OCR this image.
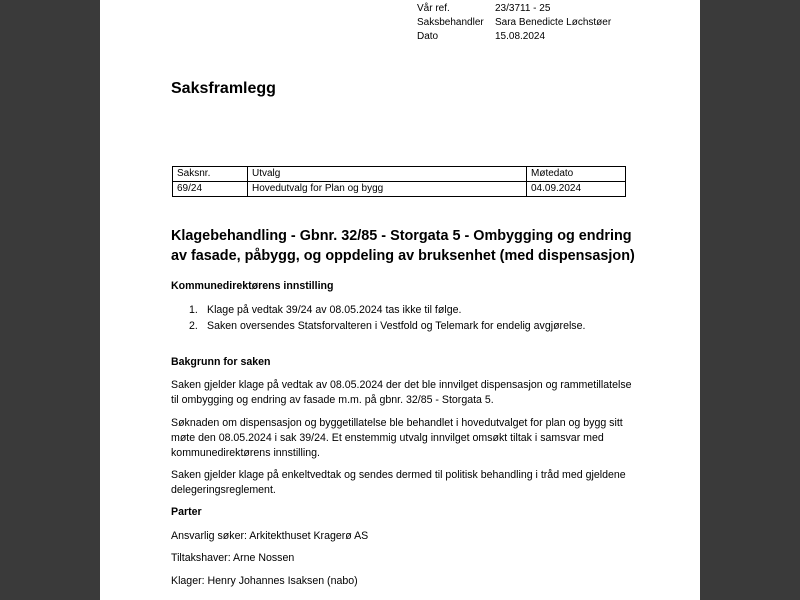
Vår ref.	23/3711 - 25
Saksbehandler	Sara Benedicte Løchstøer
Dato	15.08.2024
Saksframlegg
Saksnr.	Utvalg	Møtedato
69/24	Hovedutvalg for Plan og bygg	04.09.2024
Klagebehandling - Gbnr. 32/85 - Storgata 5 - Ombygging og endring av fasade, påbygg, og oppdeling av bruksenhet (med dispensasjon)
Kommunedirektørens innstilling
1. Klage på vedtak 39/24 av 08.05.2024 tas ikke til følge.
2. Saken oversendes Statsforvalteren i Vestfold og Telemark for endelig avgjørelse.
Bakgrunn for saken

Saken gjelder klage på vedtak av 08.05.2024 der det ble innvilget dispensasjon og rammetillatelse til ombygging og endring av fasade m.m. på gbnr. 32/85 - Storgata 5.

Søknaden om dispensasjon og byggetillatelse ble behandlet i hovedutvalget for plan og bygg sitt møte den 08.05.2024 i sak 39/24. Et enstemmig utvalg innvilget omsøkt tiltak i samsvar med kommunedirektørens innstilling.

Saken gjelder klage på enkeltvedtak og sendes dermed til politisk behandling i tråd med gjeldene delegeringsreglement.

Parter

Ansvarlig søker: Arkitekthuset Kragerø AS

Tiltakshaver: Arne Nossen

Klager: Henry Johannes Isaksen (nabo)
